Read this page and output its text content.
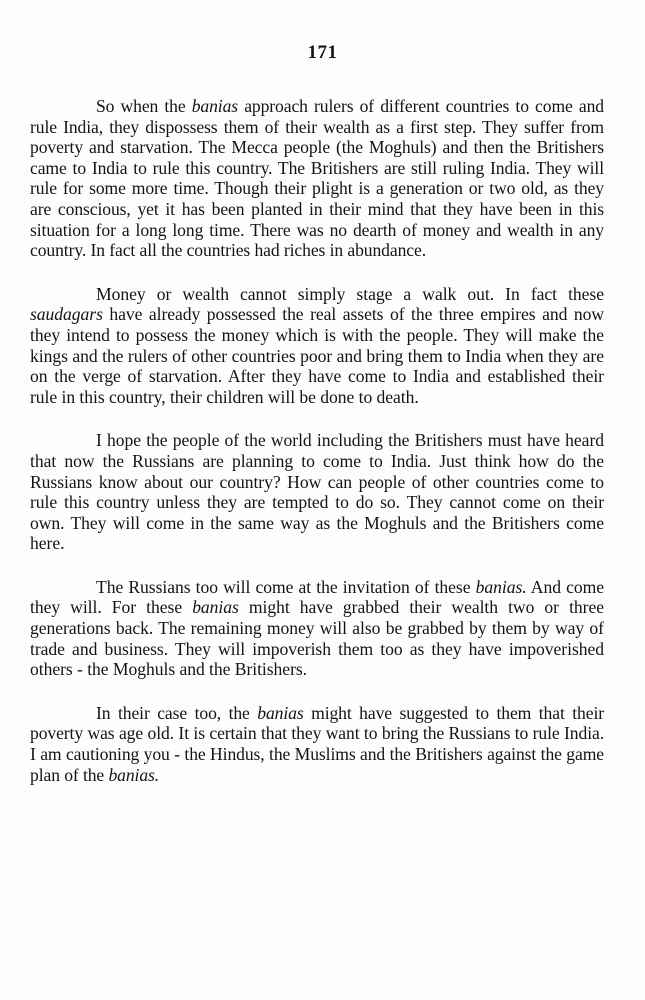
171

So when the banias approach rulers of different countries to come and rule India, they dispossess them of their wealth as a first step. They suffer from poverty and starvation. The Mecca people (the Moghuls) and then the Britishers came to India to rule this country. The Britishers are still ruling India. They will rule for some more time. Though their plight is a generation or two old, as they are conscious, yet it has been planted in their mind that they have been in this situation for a long long time. There was no dearth of money and wealth in any country. In fact all the countries had riches in abundance.

Money or wealth cannot simply stage a walk out. In fact these saudagars have already possessed the real assets of the three empires and now they intend to possess the money which is with the people. They will make the kings and the rulers of other countries poor and bring them to India when they are on the verge of starvation. After they have come to India and established their rule in this country, their children will be done to death.

I hope the people of the world including the Britishers must have heard that now the Russians are planning to come to India. Just think how do the Russians know about our country? How can people of other countries come to rule this country unless they are tempted to do so. They cannot come on their own. They will come in the same way as the Moghuls and the Britishers come here.

The Russians too will come at the invitation of these banias. And come they will. For these banias might have grabbed their wealth two or three generations back. The remaining money will also be grabbed by them by way of trade and business. They will impoverish them too as they have impoverished others - the Moghuls and the Britishers.

In their case too, the banias might have suggested to them that their poverty was age old. It is certain that they want to bring the Russians to rule India. I am cautioning you - the Hindus, the Muslims and the Britishers against the game plan of the banias.
